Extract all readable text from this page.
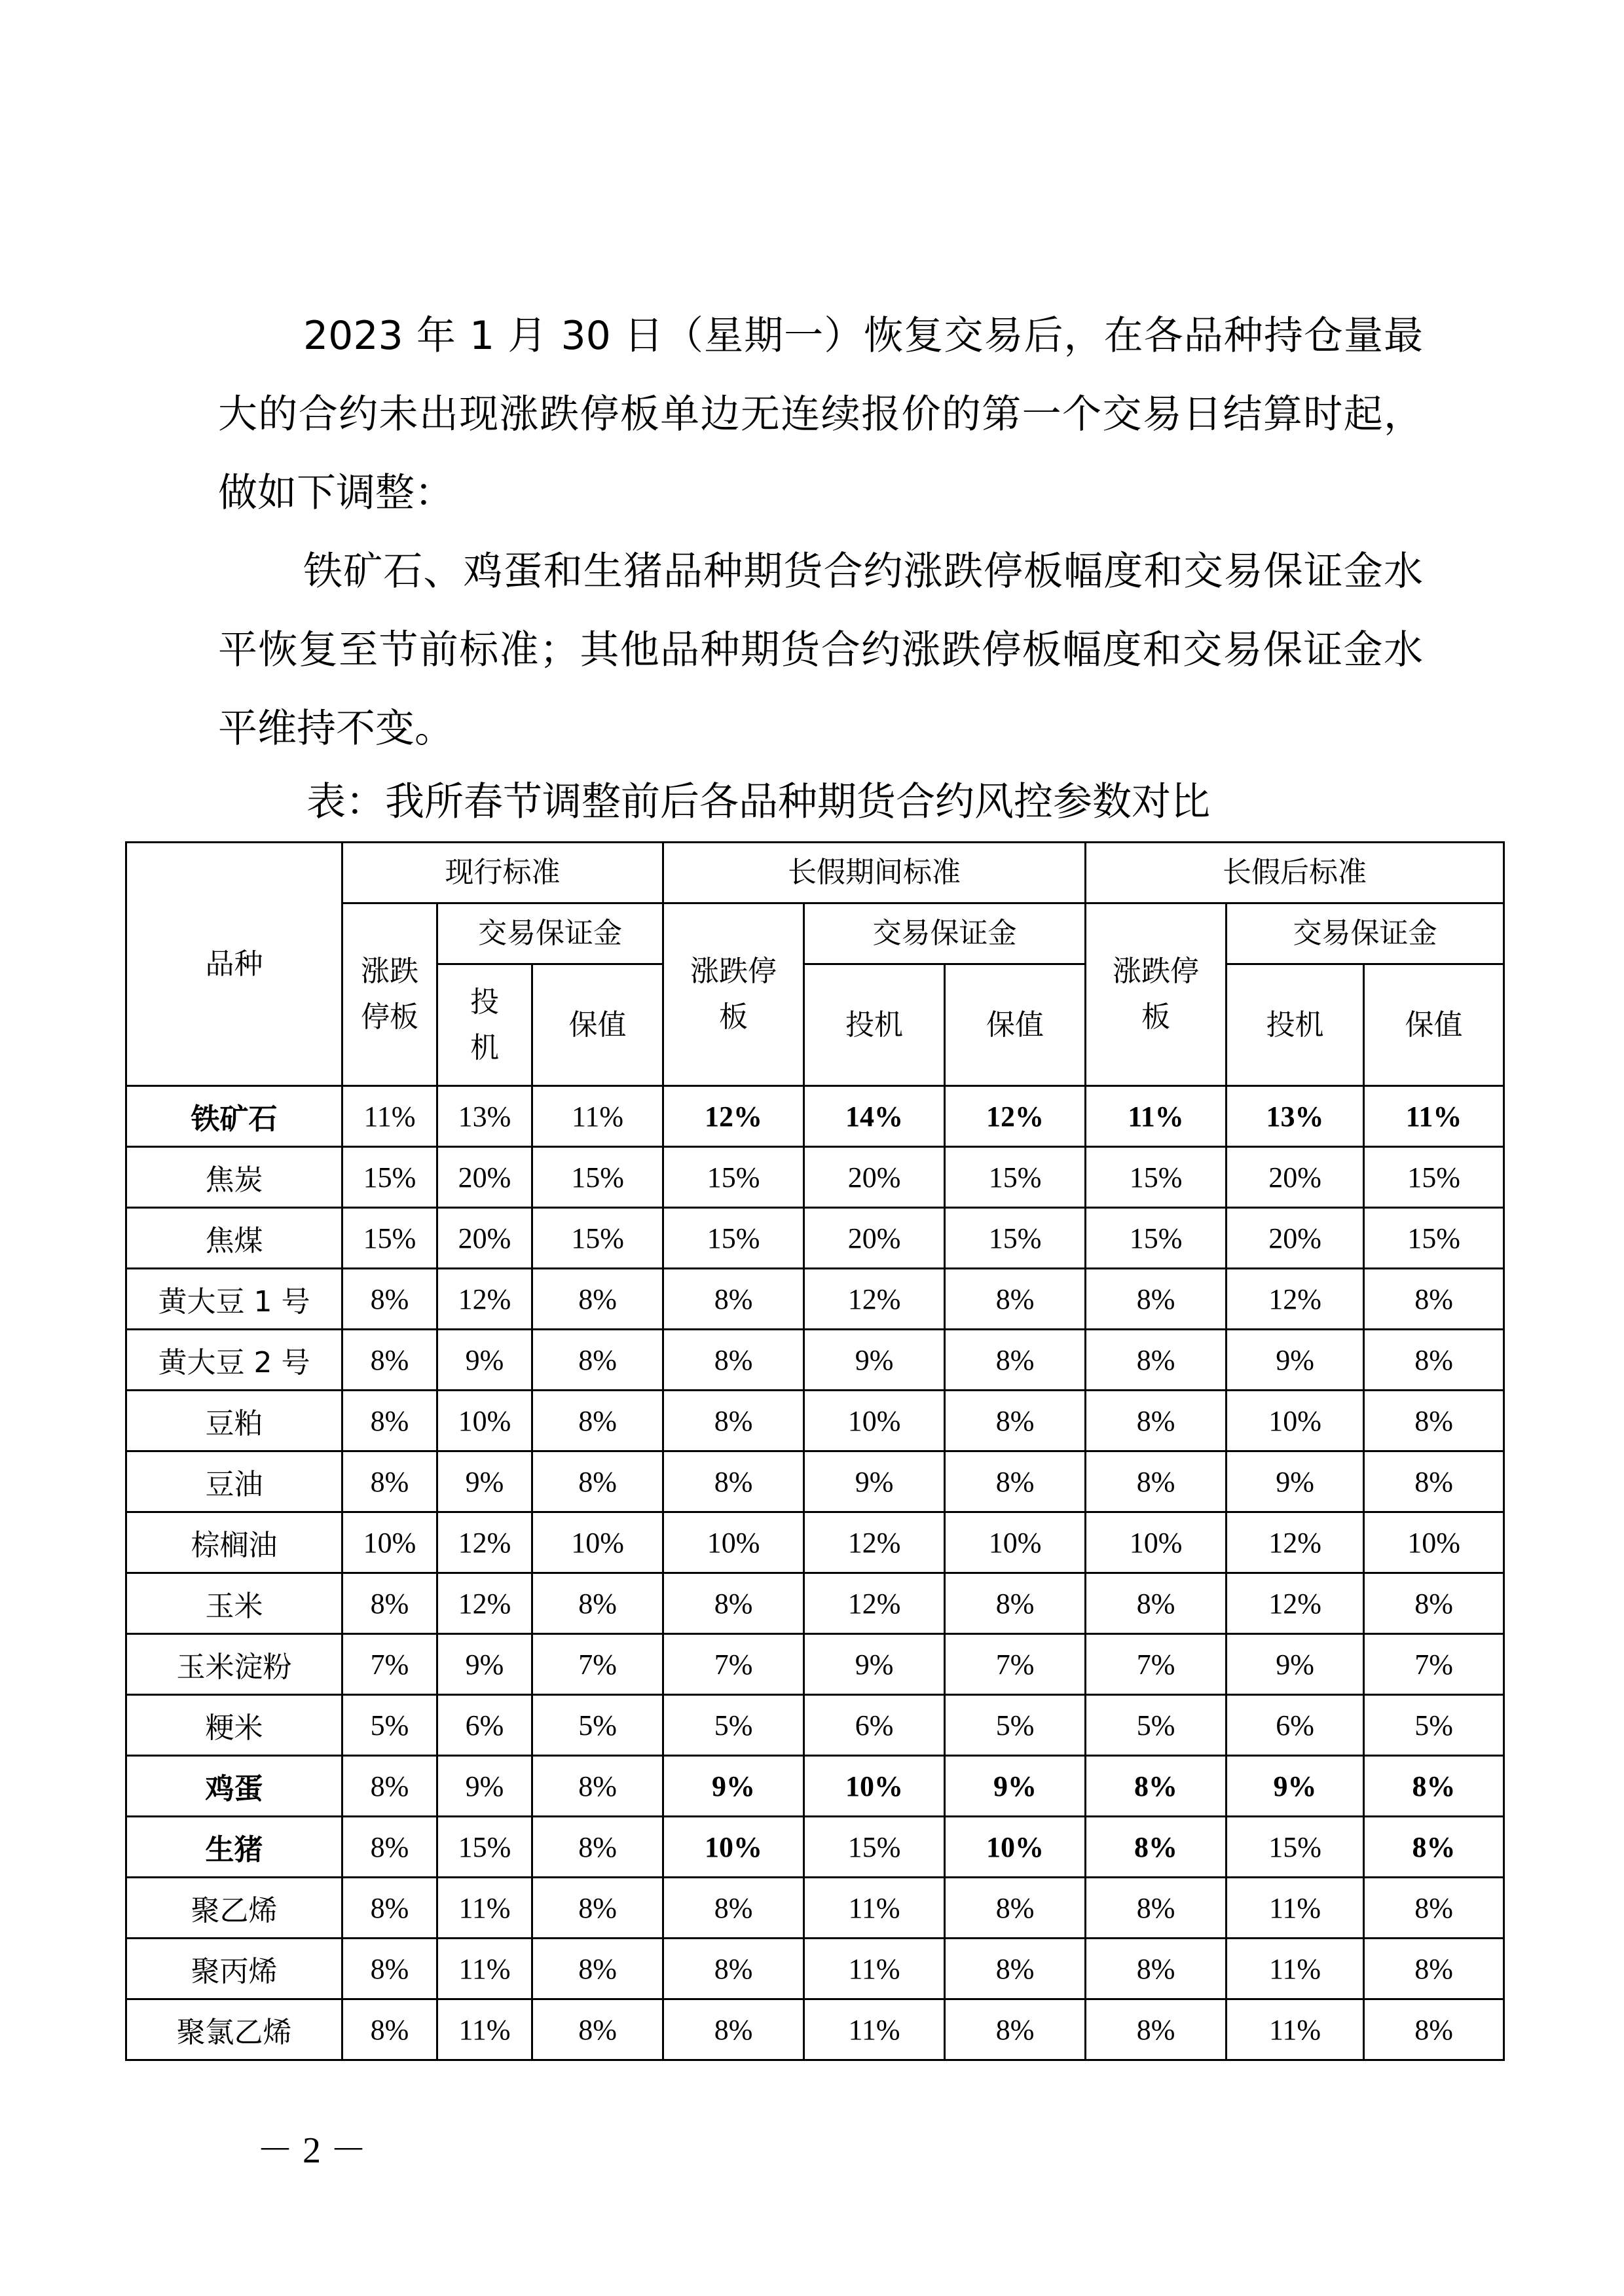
2023 年 1 月 30 日（星期一）恢复交易后，在各品种持仓量最大的合约未出现涨跌停板单边无连续报价的第一个交易日结算时起，做如下调整：

铁矿石、鸡蛋和生猪品种期货合约涨跌停板幅度和交易保证金水平恢复至节前标准；其他品种期货合约涨跌停板幅度和交易保证金水平维持不变。

表：我所春节调整前后各品种期货合约风控参数对比
品种	现行标准			长假期间标准			长假后标准		
	涨跌停板	交易保证金		涨跌停板	交易保证金		涨跌停板	交易保证金	
		投机	保值		投机	保值		投机	保值
铁矿石	11%	13%	11%	12%	14%	12%	11%	13%	11%
焦炭	15%	20%	15%	15%	20%	15%	15%	20%	15%
焦煤	15%	20%	15%	15%	20%	15%	15%	20%	15%
黄大豆 1 号	8%	12%	8%	8%	12%	8%	8%	12%	8%
黄大豆 2 号	8%	9%	8%	8%	9%	8%	8%	9%	8%
豆粕	8%	10%	8%	8%	10%	8%	8%	10%	8%
豆油	8%	9%	8%	8%	9%	8%	8%	9%	8%
棕榈油	10%	12%	10%	10%	12%	10%	10%	12%	10%
玉米	8%	12%	8%	8%	12%	8%	8%	12%	8%
玉米淀粉	7%	9%	7%	7%	9%	7%	7%	9%	7%
粳米	5%	6%	5%	5%	6%	5%	5%	6%	5%
鸡蛋	8%	9%	8%	9%	10%	9%	8%	9%	8%
生猪	8%	15%	8%	10%	15%	10%	8%	15%	8%
聚乙烯	8%	11%	8%	8%	11%	8%	8%	11%	8%
聚丙烯	8%	11%	8%	8%	11%	8%	8%	11%	8%
聚氯乙烯	8%	11%	8%	8%	11%	8%	8%	11%	8%
－ 2 －
